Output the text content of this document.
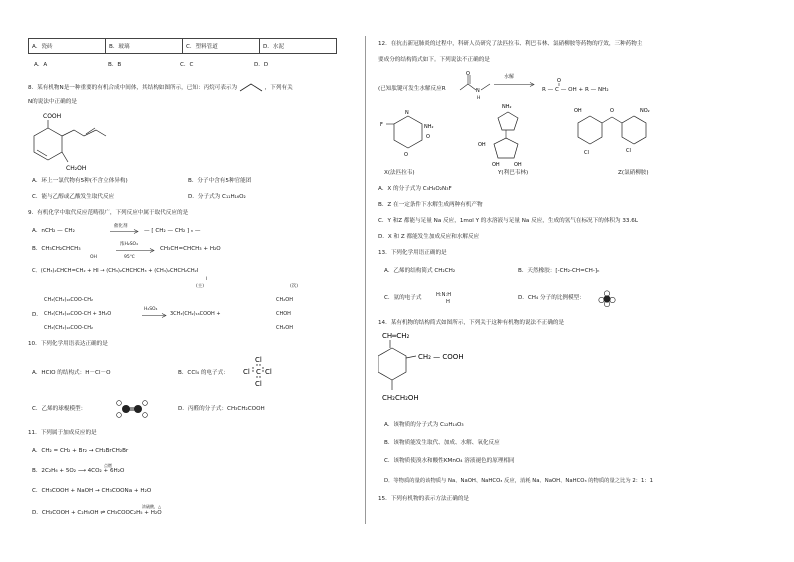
A．瓷砖	B．玻璃	C．塑料管道	D．水泥
A．A	B．B	C．C	D．D
8．某有机物N是一种重要的有机合成中间体，其结构如图所示，已知：丙烷可表示为	，下列有关
N的说法中正确的是
COOH
CH₂OH
A．环上一氯代物有5种(不含立体异构)	B．分子中含有5种官能团
C．能与乙醇或乙酸发生取代反应	D．分子式为 C₁₁H₁₆O₂
9．有机化学中取代反应范畴很广，下列反应中属于取代反应的是
A．nCH₂ — CH₂
催化剂
→ — [ CH₂ — CH₂ ] ₙ —
B．CH₃CH₂CHCH₃
OH
浓H₂SO₄
95℃
CH₃CH=CHCH₃ + H₂O
C．(CH₃)₂CHCH=CH₂ + HI → (CH₃)₂CHCHCH₃ + (CH₃)₂CHCH₂CH₂I
I
(主)	(次)
D．
CH₃(CH₂)₁₆COO-CH₂
CH₃(CH₂)₁₆COO-CH + 3H₂O
CH₃(CH₂)₁₆COO-CH₂
H₂SO₄
→ 3CH₃(CH₂)₁₆COOH +
CH₂OH
CHOH
CH₂OH
10．下列化学用语表达正确的是
A．HClO 的结构式：H－Cl－O	B．CCl₄ 的电子式：
Cl
Cl C Cl
Cl
C．乙烯的球棍模型：	D．丙醛的分子式：CH₃CH₂COOH
11．下列属于加成反应的是
A．CH₂ = CH₂ + Br₂ → CH₂BrCH₂Br
B．2C₂H₆ + 5O₂ ⟶ 4CO₂ + 6H₂O
点燃
C．CH₃COOH + NaOH → CH₃COONa + H₂O
D．CH₃COOH + C₂H₅OH ⇌ CH₃COOC₂H₅ + H₂O
浓硫酸，△
12．在抗击新冠肺炎的过程中，科研人员研究了法匹拉韦、利巴韦林、氯硝柳胺等药物的疗效，三种药物主
要成分的结构简式如下。下列说法不正确的是
(已知肽键可发生水解反应R
O
N
H
水解
O
R — C — OH + R — NH₂
F	NH₂
O
N
O
NH₂
OH
OH	OH
OH
Cl
O	NO₂
Cl
X(法匹拉韦)	Y(利巴韦林)	Z(氯硝柳胺)
A．X 的分子式为 C₅H₄O₂N₃F
B．Z 在一定条件下水解生成两种有机产物
C．Y 和Z 都能与足量 Na 反应，1mol Y 的水溶液与足量 Na 反应，生成的氢气在标况下的体积为 33.6L
D．X 和 Z 都能发生加成反应和水解反应
13．下列化学用语正确的是
A．乙烯的结构简式 CH₂CH₂	B．天然橡胶：[-CH₂-CH=CH-]ₙ
C．氨的电子式	H:N:H
H
D．CH₄ 分子的比例模型：
14．某有机物的结构简式如图所示，下列关于这种有机物的说法不正确的是
CH═CH₂
CH₂ — COOH
CH₂CH₂OH
A．该物质的分子式为 C₁₂H₁₄O₃
B．该物质能发生取代、加成、水解、氧化反应
C．该物质使溴水和酸性KMnO₄ 溶液褪色的原理相同
D．等物质的量的该物质与 Na、NaOH、NaHCO₃ 反应，消耗 Na、NaOH、NaHCO₃ 的物质的量之比为 2：1：1
15．下列有机物的表示方法正确的是
